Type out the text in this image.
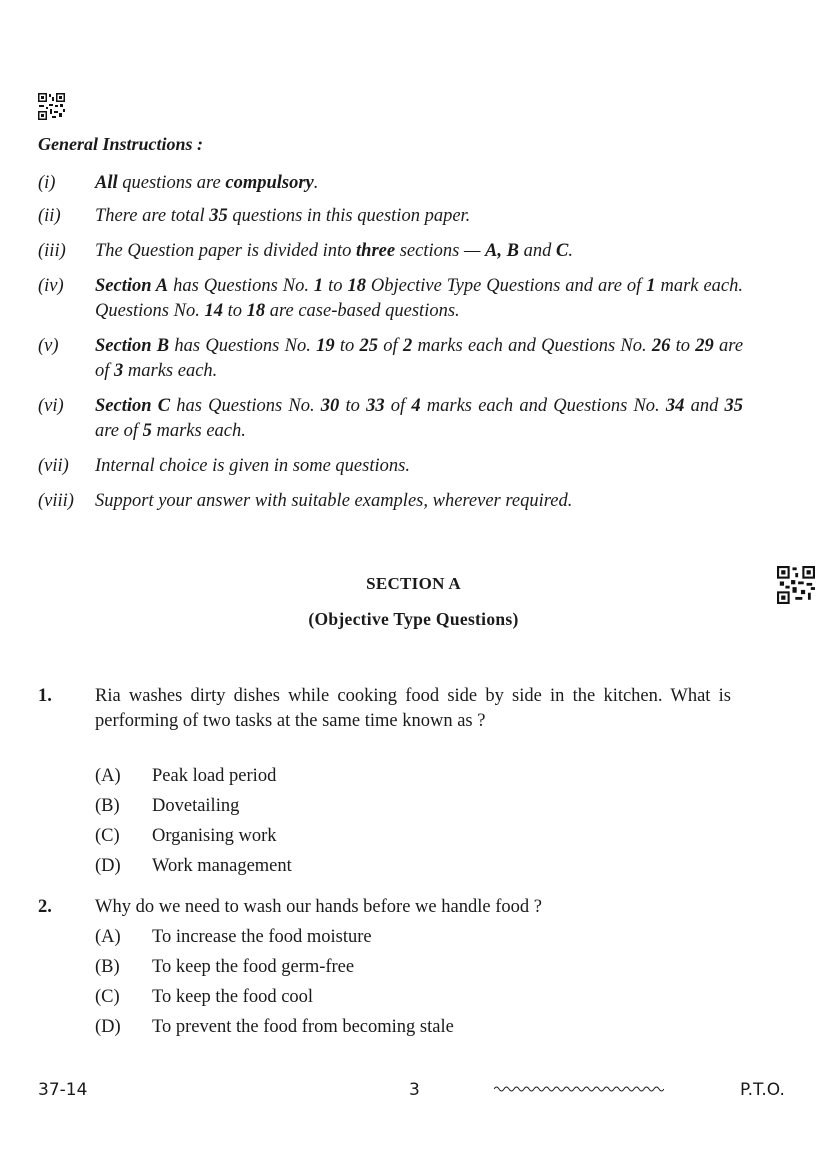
General Instructions :
(i)	All questions are compulsory.
(ii)	There are total 35 questions in this question paper.
(iii)	The Question paper is divided into three sections — A, B and C.
(iv)	Section A has Questions No. 1 to 18 Objective Type Questions and are of 1 mark each. Questions No. 14 to 18 are case-based questions.
(v)	Section B has Questions No. 19 to 25 of 2 marks each and Questions No. 26 to 29 are of 3 marks each.
(vi)	Section C has Questions No. 30 to 33 of 4 marks each and Questions No. 34 and 35 are of 5 marks each.
(vii)	Internal choice is given in some questions.
(viii)	Support your answer with suitable examples, wherever required.
SECTION A
(Objective Type Questions)
1. Ria washes dirty dishes while cooking food side by side in the kitchen. What is performing of two tasks at the same time known as ?
(A) Peak load period
(B) Dovetailing
(C) Organising work
(D) Work management
2. Why do we need to wash our hands before we handle food ?
(A) To increase the food moisture
(B) To keep the food germ-free
(C) To keep the food cool
(D) To prevent the food from becoming stale
37-14	3	P.T.O.
